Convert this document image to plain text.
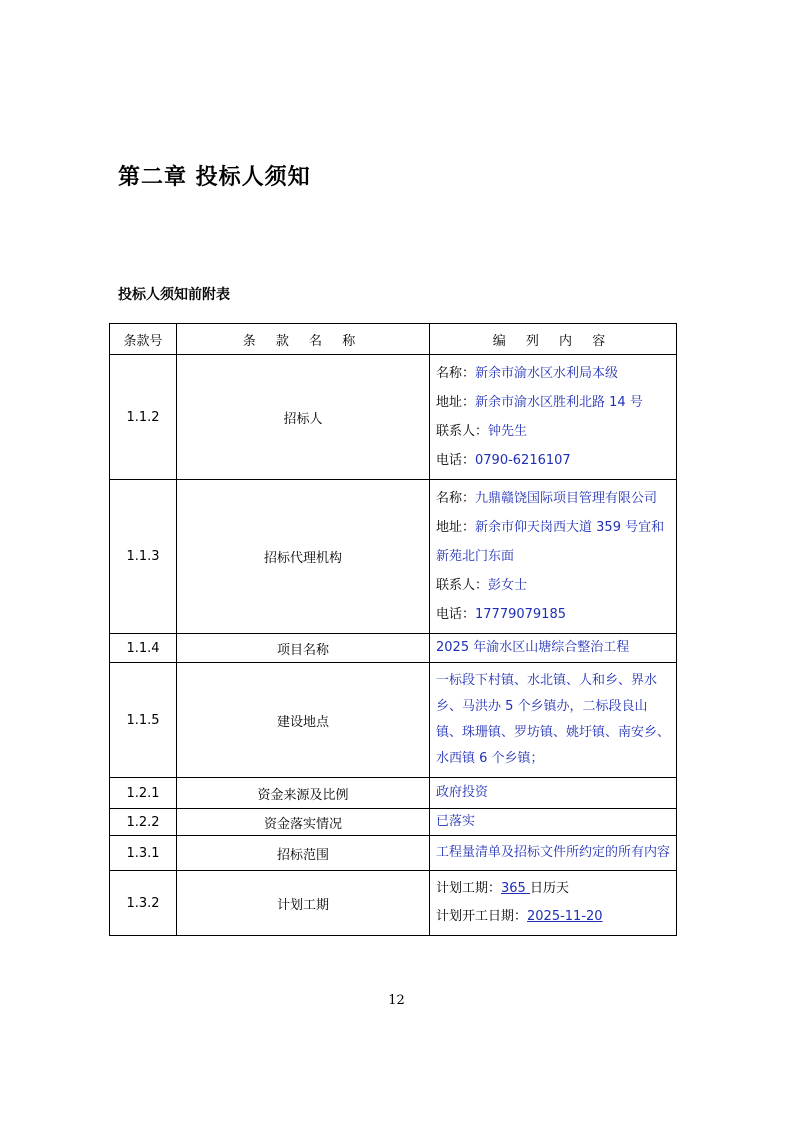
第二章 投标人须知
投标人须知前附表
条款号	条 款 名 称	编 列 内 容
1.1.2	招标人	名称：新余市渝水区水利局本级
地址：新余市渝水区胜利北路 14 号
联系人：钟先生
电话：0790-6216107

1.1.3	招标代理机构	名称：九鼎赣饶国际项目管理有限公司
地址：新余市仰天岗西大道 359 号宜和新苑北门东面
联系人：彭女士
电话：17779079185

1.1.4	项目名称	2025 年渝水区山塘综合整治工程
1.1.5	建设地点	一标段下村镇、水北镇、人和乡、界水乡、马洪办 5 个乡镇办，二标段良山镇、珠珊镇、罗坊镇、姚圩镇、南安乡、水西镇 6 个乡镇；
1.2.1	资金来源及比例	政府投资
1.2.2	资金落实情况	已落实
1.3.1	招标范围	工程量清单及招标文件所约定的所有内容
1.3.2	计划工期	计划工期：365 日历天
计划开工日期：2025-11-20
12
